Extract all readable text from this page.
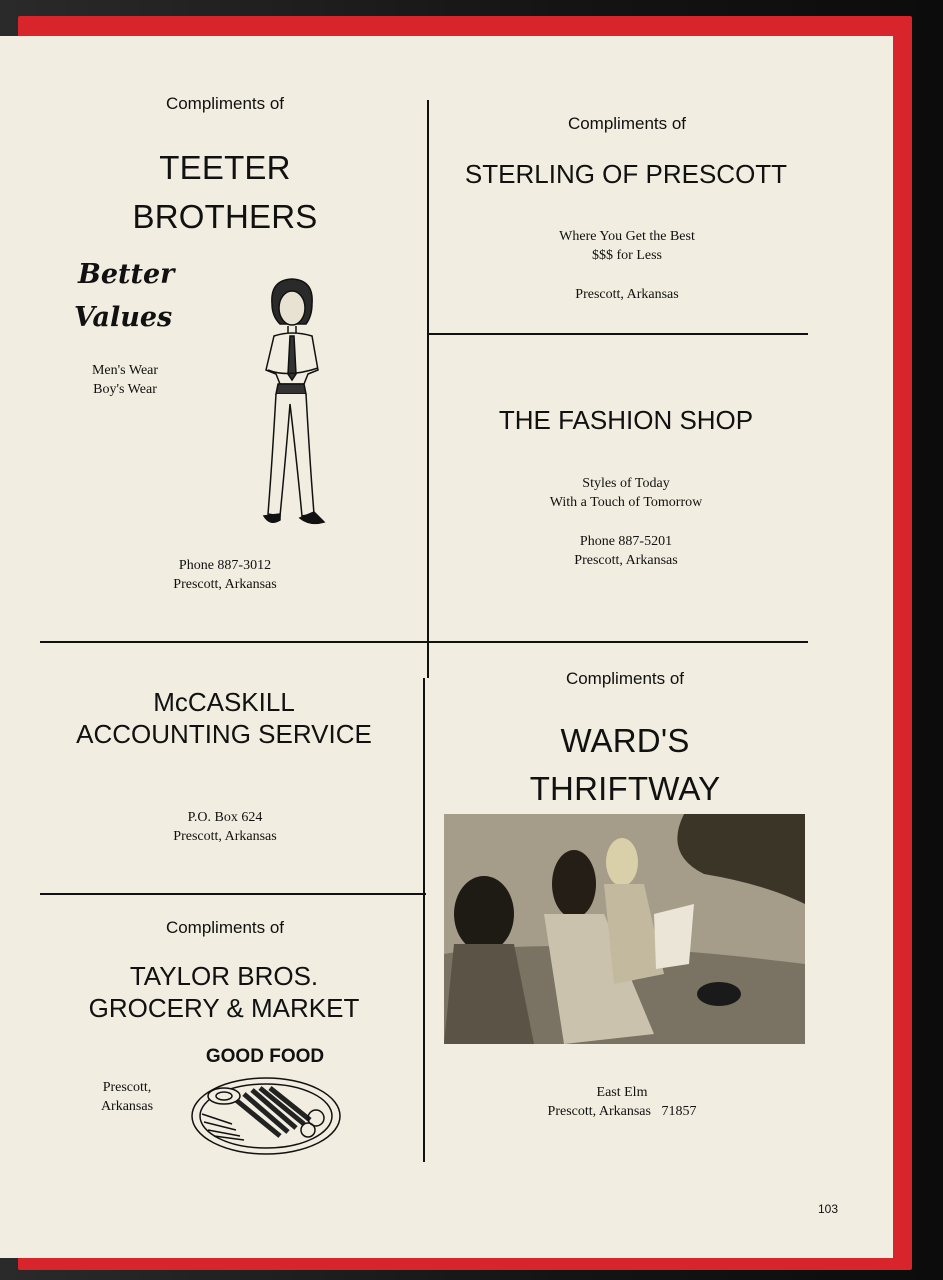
Compliments of
TEETER
BROTHERS
Better
Values
Men's Wear
Boy's Wear
Phone 887-3012
Prescott, Arkansas
Compliments of
STERLING OF PRESCOTT
Where You Get the Best
$$$ for Less
Prescott, Arkansas
THE FASHION SHOP
Styles of Today
With a Touch of Tomorrow
Phone 887-5201
Prescott, Arkansas
McCASKILL
ACCOUNTING SERVICE
P.O. Box 624
Prescott, Arkansas
Compliments of
WARD'S
THRIFTWAY
East Elm
Prescott, Arkansas   71857
Compliments of
TAYLOR BROS.
GROCERY & MARKET
GOOD FOOD
Prescott,
Arkansas
103
